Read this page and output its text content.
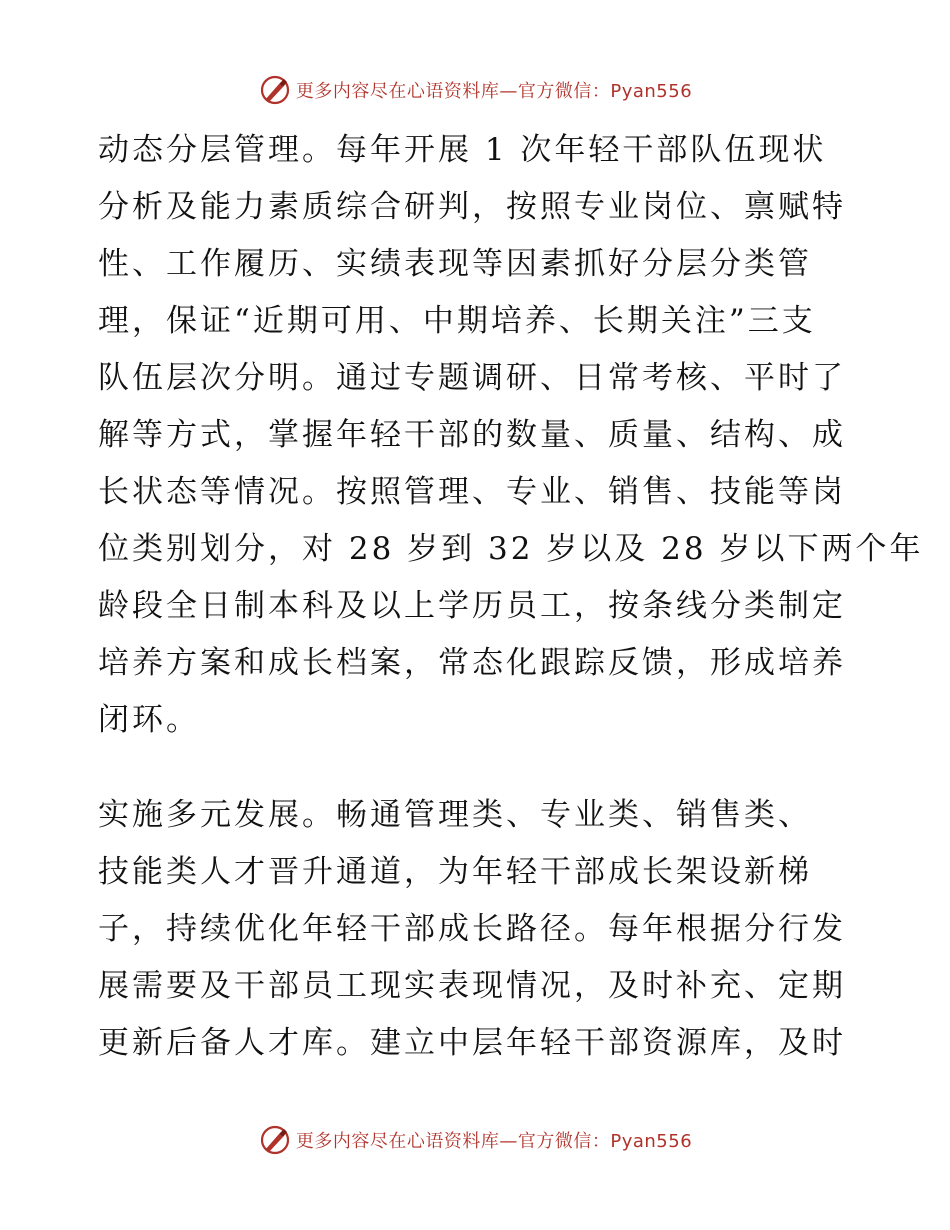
更多内容尽在心语资料库—官方微信：Pyan556
动态分层管理。每年开展 1 次年轻干部队伍现状
分析及能力素质综合研判，按照专业岗位、禀赋特
性、工作履历、实绩表现等因素抓好分层分类管
理，保证“近期可用、中期培养、长期关注”三支
队伍层次分明。通过专题调研、日常考核、平时了
解等方式，掌握年轻干部的数量、质量、结构、成
长状态等情况。按照管理、专业、销售、技能等岗
位类别划分，对 28 岁到 32 岁以及 28 岁以下两个年
龄段全日制本科及以上学历员工，按条线分类制定
培养方案和成长档案，常态化跟踪反馈，形成培养
闭环。
实施多元发展。畅通管理类、专业类、销售类、
技能类人才晋升通道，为年轻干部成长架设新梯
子，持续优化年轻干部成长路径。每年根据分行发
展需要及干部员工现实表现情况，及时补充、定期
更新后备人才库。建立中层年轻干部资源库，及时
更多内容尽在心语资料库—官方微信：Pyan556
